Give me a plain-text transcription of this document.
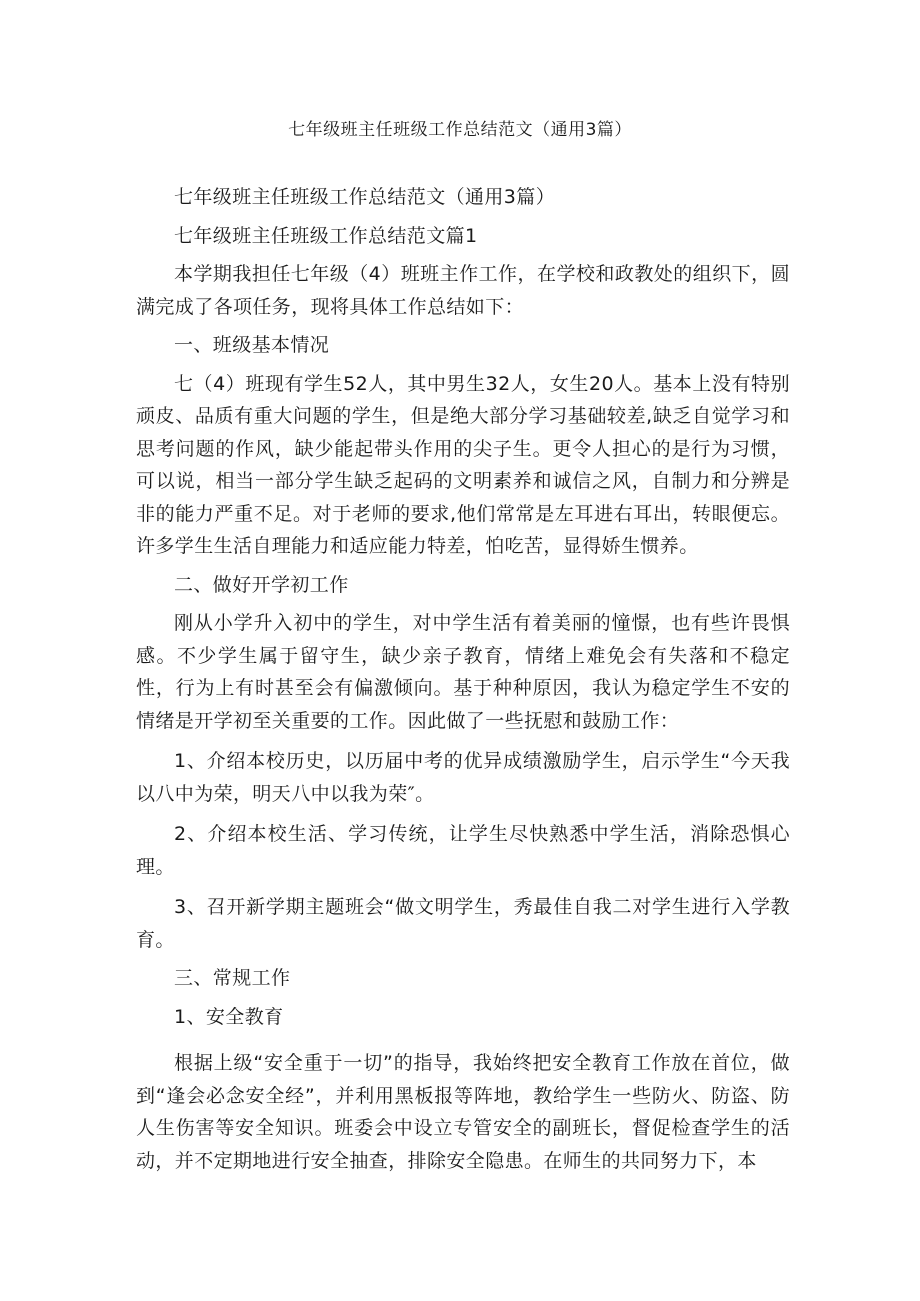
七年级班主任班级工作总结范文（通用3篇）

七年级班主任班级工作总结范文（通用3篇）

七年级班主任班级工作总结范文篇1

本学期我担任七年级（4）班班主作工作，在学校和政教处的组织下，圆满完成了各项任务，现将具体工作总结如下：

一、班级基本情况

七（4）班现有学生52人，其中男生32人，女生20人。基本上没有特别顽皮、品质有重大问题的学生，但是绝大部分学习基础较差,缺乏自觉学习和思考问题的作风，缺少能起带头作用的尖子生。更令人担心的是行为习惯，可以说，相当一部分学生缺乏起码的文明素养和诚信之风，自制力和分辨是非的能力严重不足。对于老师的要求,他们常常是左耳进右耳出，转眼便忘。许多学生生活自理能力和适应能力特差，怕吃苦，显得娇生惯养。

二、做好开学初工作

刚从小学升入初中的学生，对中学生活有着美丽的憧憬，也有些许畏惧感。不少学生属于留守生，缺少亲子教育，情绪上难免会有失落和不稳定性，行为上有时甚至会有偏激倾向。基于种种原因，我认为稳定学生不安的情绪是开学初至关重要的工作。因此做了一些抚慰和鼓励工作：

1、介绍本校历史，以历届中考的优异成绩激励学生，启示学生“今天我以八中为荣，明天八中以我为荣″。

2、介绍本校生活、学习传统，让学生尽快熟悉中学生活，消除恐惧心理。

3、召开新学期主题班会“做文明学生，秀最佳自我二对学生进行入学教育。

三、常规工作

1、安全教育

根据上级“安全重于一切”的指导，我始终把安全教育工作放在首位，做到“逢会必念安全经”，并利用黑板报等阵地，教给学生一些防火、防盗、防人生伤害等安全知识。班委会中设立专管安全的副班长，督促检查学生的活动，并不定期地进行安全抽查，排除安全隐患。在师生的共同努力下，本
